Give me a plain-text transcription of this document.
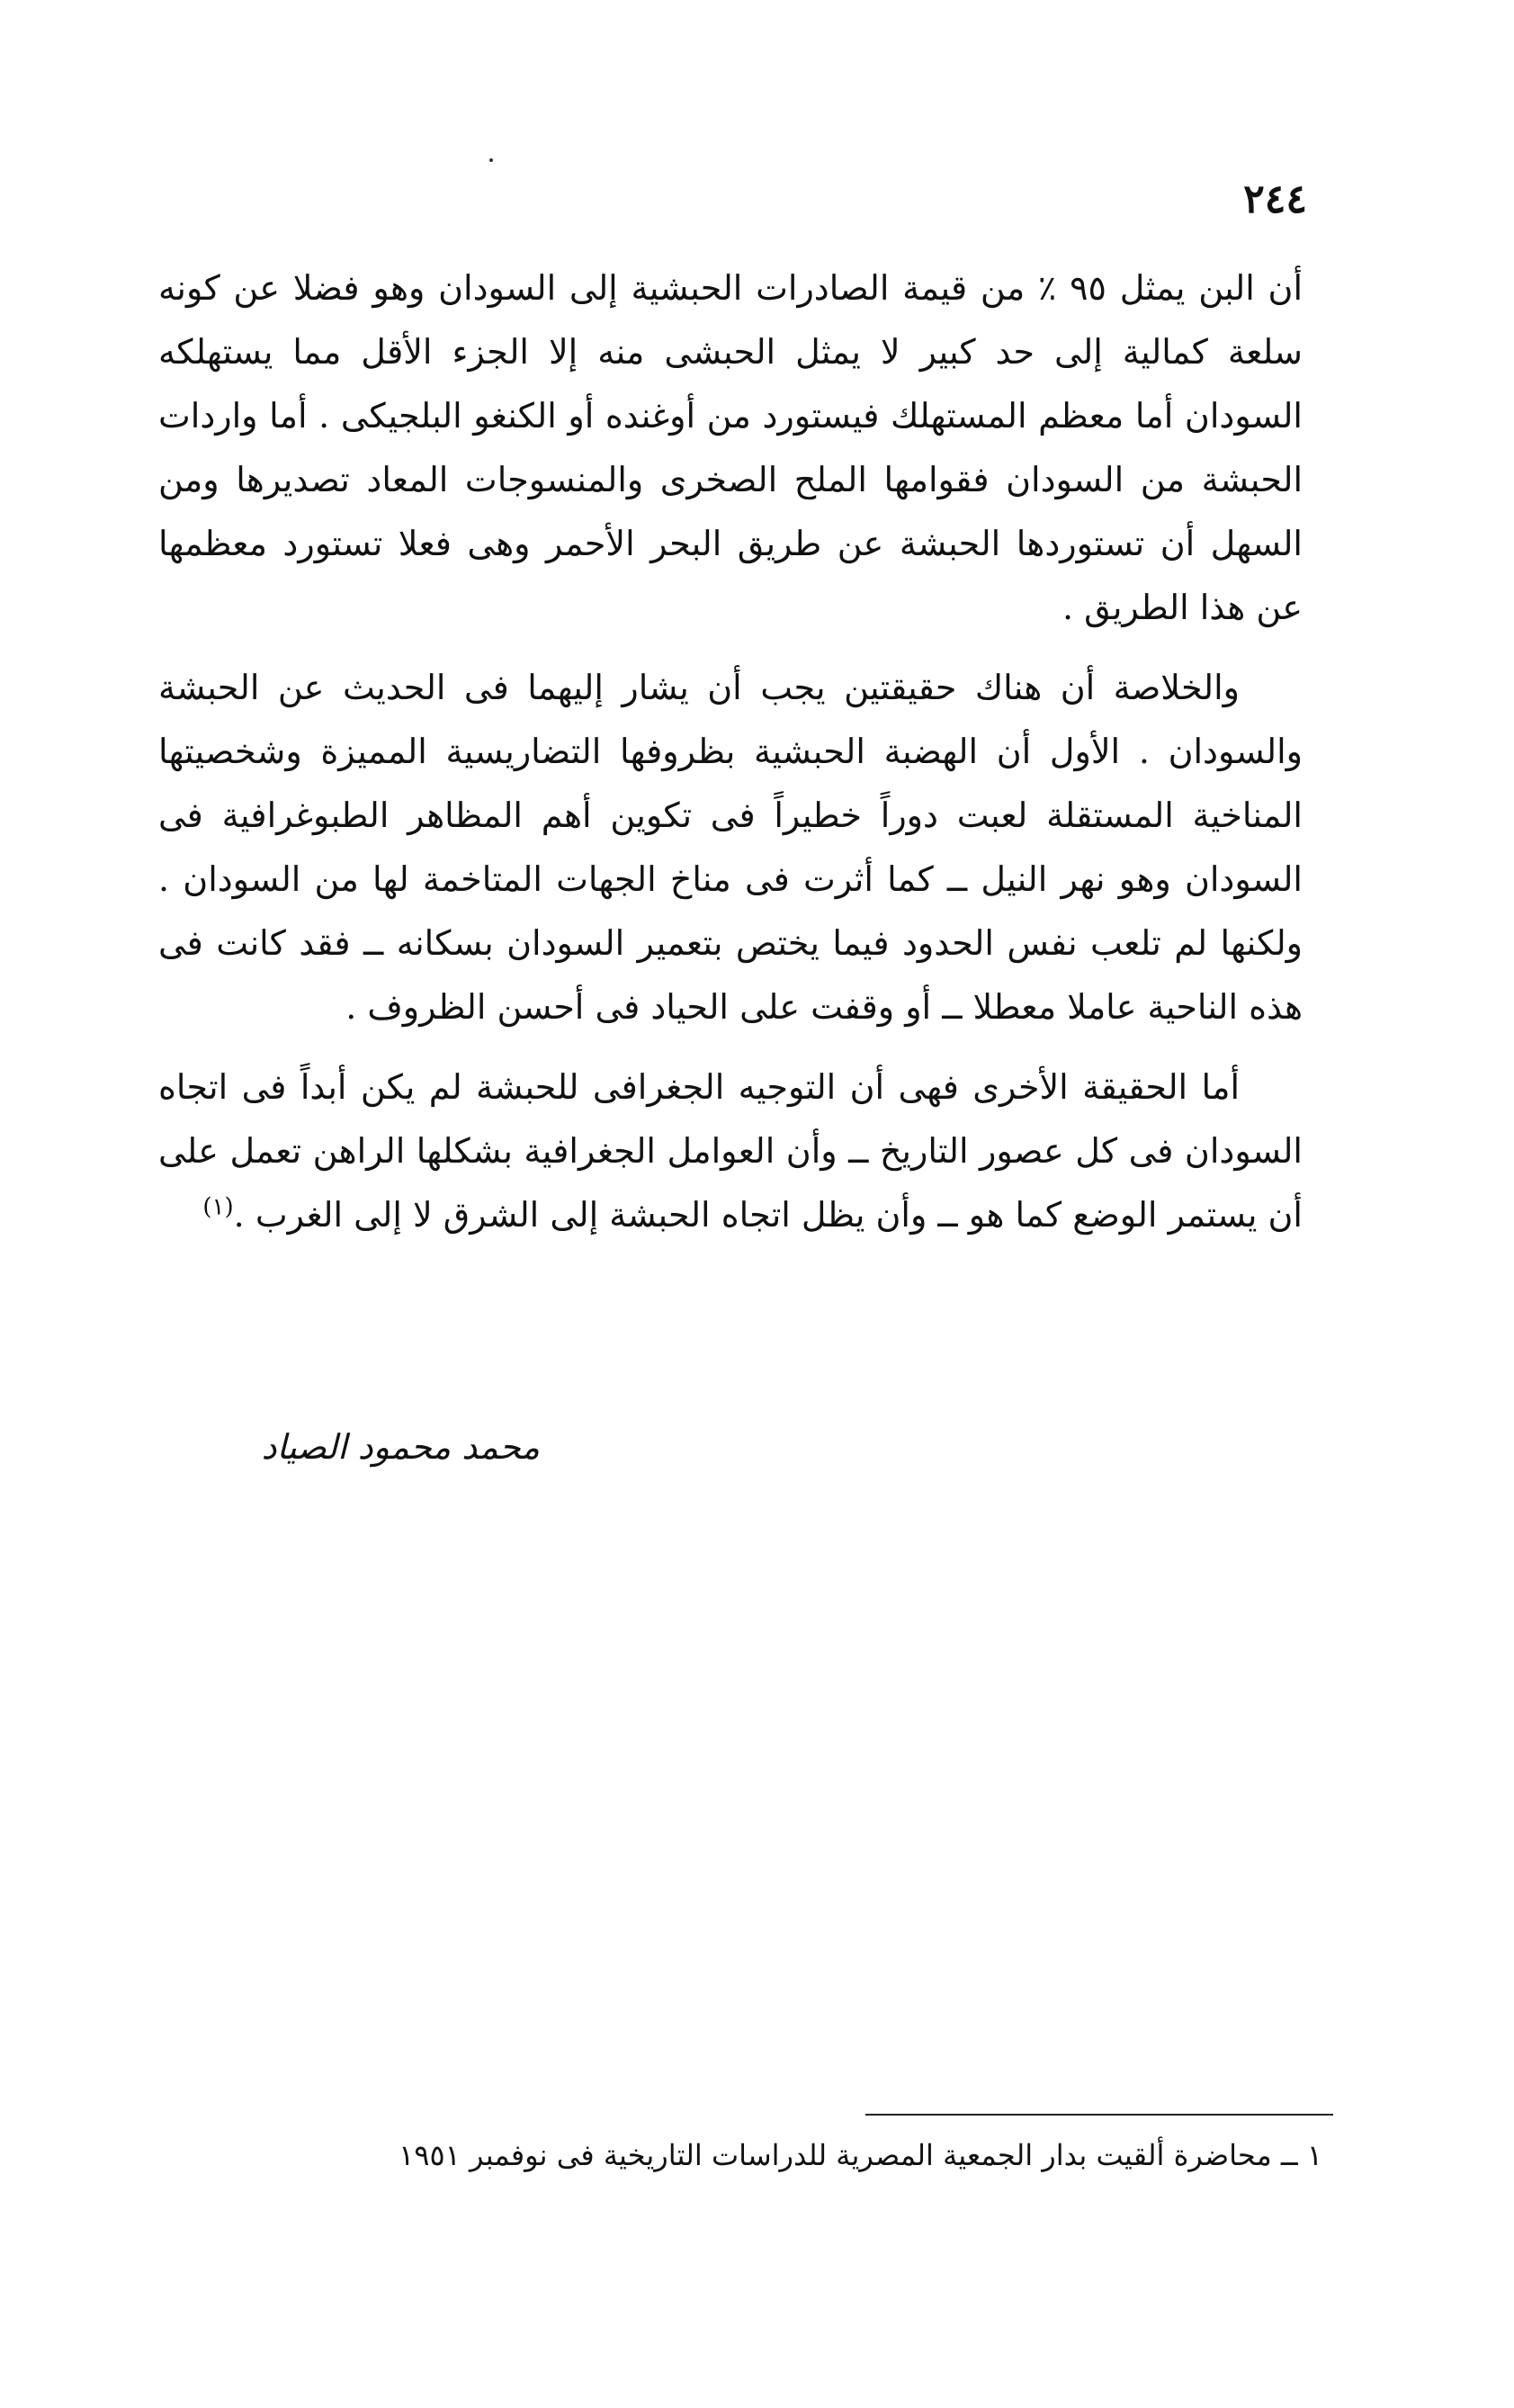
٢٤٤

أن البن يمثل ٩٥ ٪ من قيمة الصادرات الحبشية إلى السودان وهو فضلا عن كونه سلعة كمالية إلى حد كبير لا يمثل الحبشى منه إلا الجزء الأقل مما يستهلكه السودان أما معظم المستهلك فيستورد من أوغنده أو الكنغو البلجيكى . أما واردات الحبشة من السودان فقوامها الملح الصخرى والمنسوجات المعاد تصديرها ومن السهل أن تستوردها الحبشة عن طريق البحر الأحمر وهى فعلا تستورد معظمها عن هذا الطريق .

والخلاصة أن هناك حقيقتين يجب أن يشار إليهما فى الحديث عن الحبشة والسودان . الأول أن الهضبة الحبشية بظروفها التضاريسية المميزة وشخصيتها المناخية المستقلة لعبت دوراً خطيراً فى تكوين أهم المظاهر الطبوغرافية فى السودان وهو نهر النيل ــ كما أثرت فى مناخ الجهات المتاخمة لها من السودان . ولكنها لم تلعب نفس الحدود فيما يختص بتعمير السودان بسكانه ــ فقد كانت فى هذه الناحية عاملا معطلا ــ أو وقفت على الحياد فى أحسن الظروف .

أما الحقيقة الأخرى فهى أن التوجيه الجغرافى للحبشة لم يكن أبداً فى اتجاه السودان فى كل عصور التاريخ ــ وأن العوامل الجغرافية بشكلها الراهن تعمل على أن يستمر الوضع كما هو ــ وأن يظل اتجاه الحبشة إلى الشرق لا إلى الغرب .$^{(١)}$

محمد محمود الصياد
١ ــ محاضرة ألقيت بدار الجمعية المصرية للدراسات التاريخية فى نوفمبر ١٩٥١
